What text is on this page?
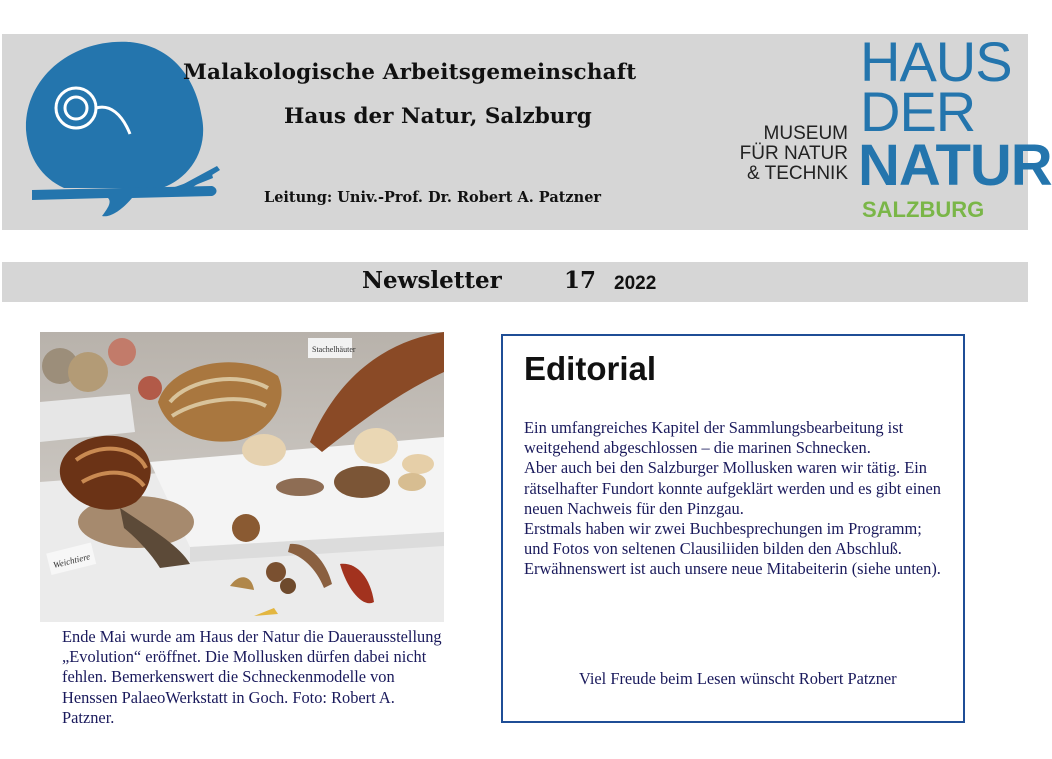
Malakologische Arbeitsgemeinschaft
Haus der Natur, Salzburg
Leitung: Univ.-Prof. Dr. Robert A. Patzner
MUSEUM
FÜR NATUR
& TECHNIK
HAUS
DER
NATUR
SALZBURG
Newsletter	17 2022
Stachelhäuter
Weichtiere
Ende Mai wurde am Haus der Natur die Dauerausstellung „Evolution“ eröffnet. Die Mollusken dürfen dabei nicht fehlen. Bemerkenswert die Schneckenmodelle von Henssen PalaeoWerkstatt in Goch. Foto: Robert A. Patzner.
Editorial
Ein umfangreiches Kapitel der Sammlungsbearbeitung ist weitgehend abgeschlossen – die marinen Schnecken.
Aber auch bei den Salzburger Mollusken waren wir tätig. Ein rätselhafter Fundort konnte aufgeklärt werden und es gibt einen neuen Nachweis für den Pinzgau.
Erstmals haben wir zwei Buchbesprechungen im Programm; und Fotos von seltenen Clausiliiden bilden den Abschluß.
Erwähnenswert ist auch unsere neue Mitabeiterin (siehe unten).
Viel Freude beim Lesen wünscht Robert Patzner
